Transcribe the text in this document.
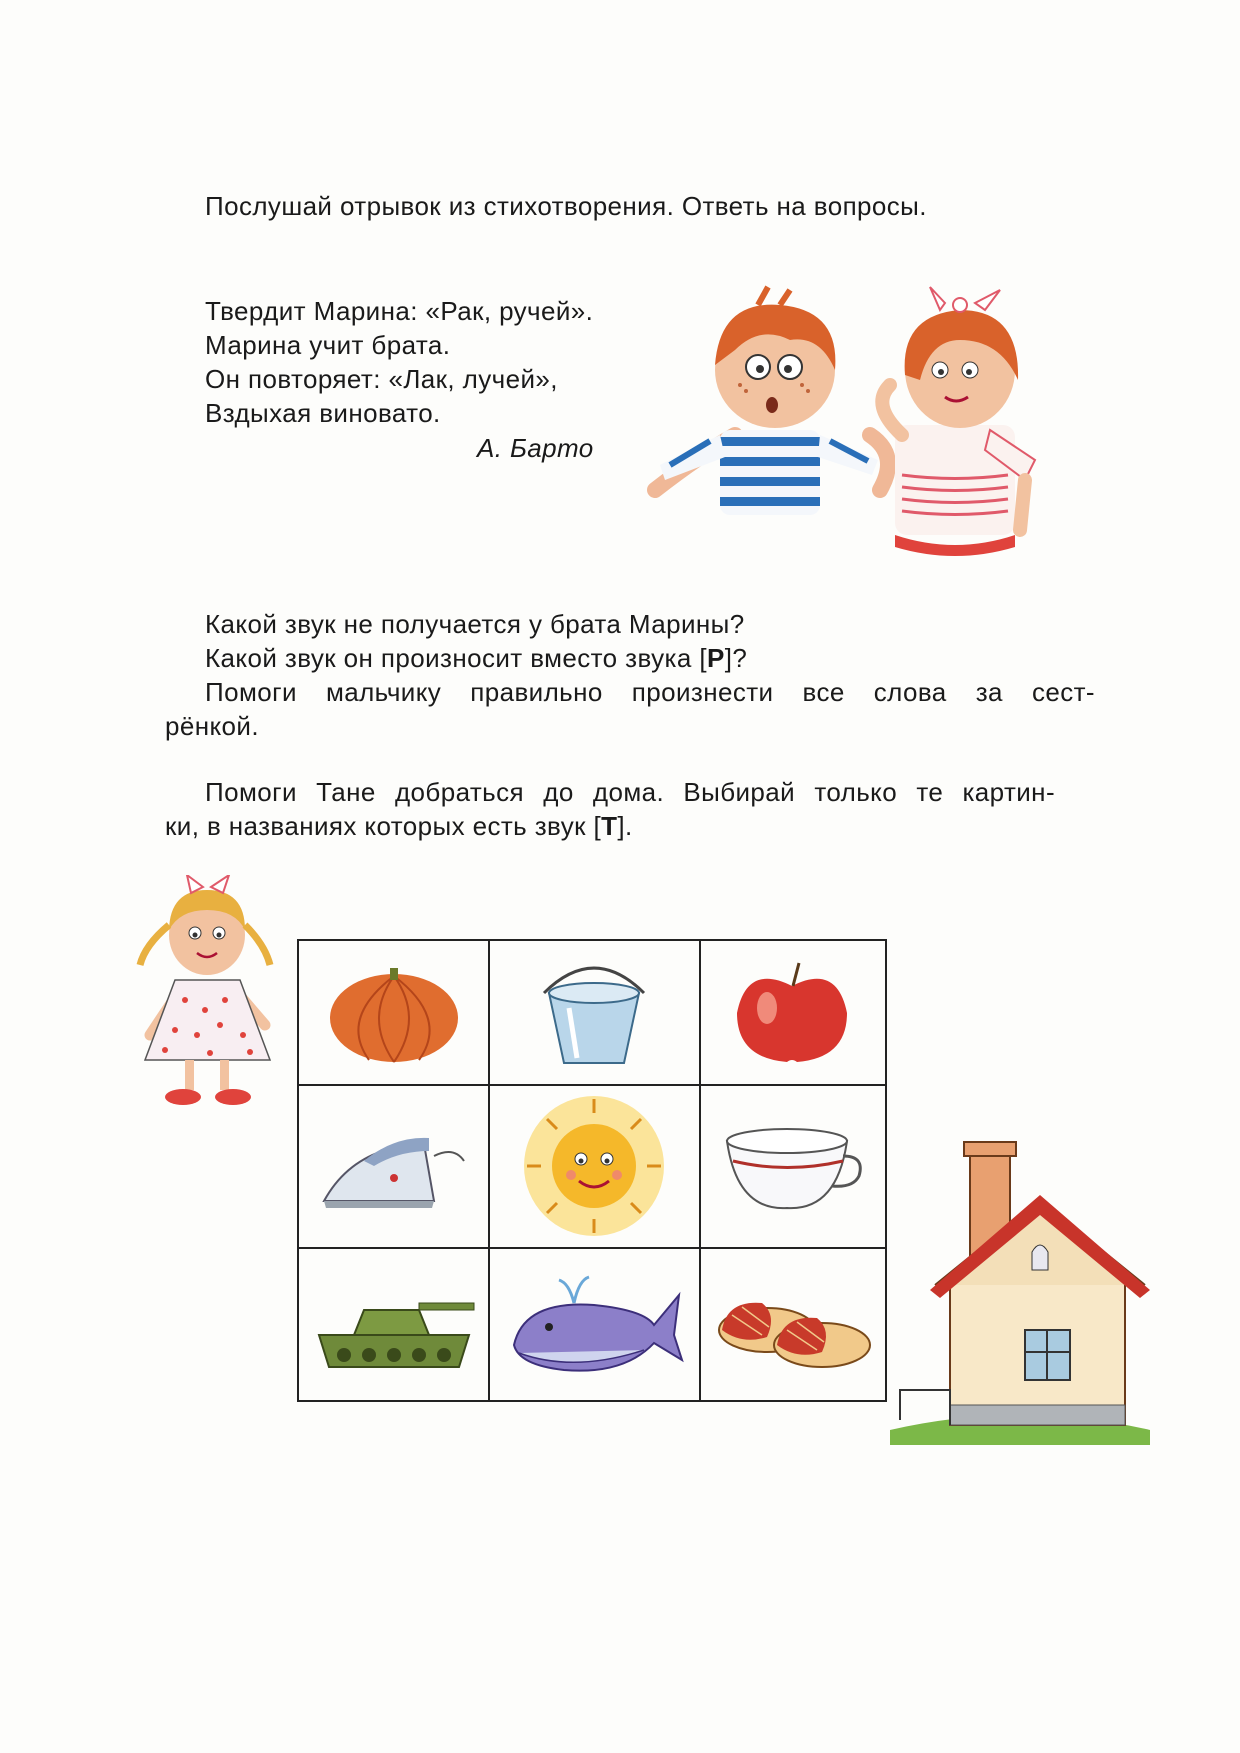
Послушай отрывок из стихотворения. Ответь на вопросы.
Твердит Марина: «Рак, ручей».
Марина учит брата.
Он повторяет: «Лак, лучей»,
Вздыхая виновато.
А. Барто
Какой звук не получается у брата Марины?
Какой звук он произносит вместо звука [Р]?
Помоги мальчику правильно произнести все слова за сест-
рёнкой.
Помоги Тане добраться до дома. Выбирай только те картин-
ки, в названиях которых есть звук [Т].
